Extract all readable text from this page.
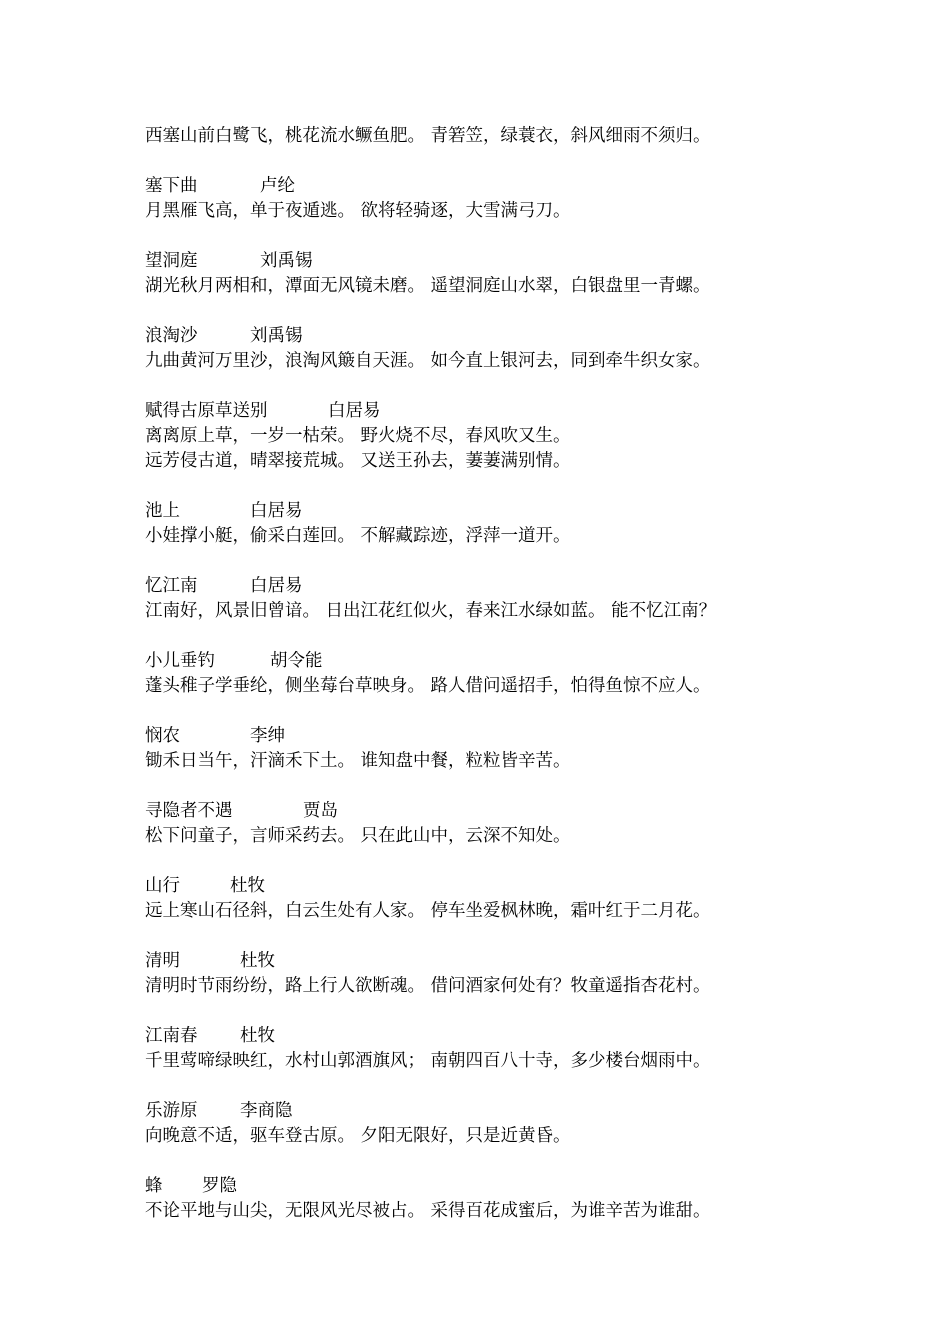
西塞山前白鹭飞，桃花流水鳜鱼肥。 青箬笠，绿蓑衣，斜风细雨不须归。
塞下曲	卢纶
月黑雁飞高，单于夜遁逃。 欲将轻骑逐，大雪满弓刀。
望洞庭	刘禹锡
湖光秋月两相和，潭面无风镜未磨。 遥望洞庭山水翠，白银盘里一青螺。
浪淘沙	刘禹锡
九曲黄河万里沙，浪淘风簸自天涯。 如今直上银河去，同到牵牛织女家。
赋得古原草送别	白居易
离离原上草，一岁一枯荣。 野火烧不尽，春风吹又生。
远芳侵古道，晴翠接荒城。 又送王孙去，萋萋满别情。
池上	白居易
小娃撑小艇，偷采白莲回。 不解藏踪迹，浮萍一道开。
忆江南	白居易
江南好，风景旧曾谙。 日出江花红似火，春来江水绿如蓝。 能不忆江南？
小儿垂钓	胡令能
蓬头稚子学垂纶，侧坐莓台草映身。 路人借问遥招手，怕得鱼惊不应人。
悯农	李绅
锄禾日当午，汗滴禾下土。 谁知盘中餐，粒粒皆辛苦。
寻隐者不遇	贾岛
松下问童子，言师采药去。 只在此山中，云深不知处。
山行	杜牧
远上寒山石径斜，白云生处有人家。 停车坐爱枫林晚，霜叶红于二月花。
清明	杜牧
清明时节雨纷纷，路上行人欲断魂。 借问酒家何处有？牧童遥指杏花村。
江南春	杜牧
千里莺啼绿映红，水村山郭酒旗风； 南朝四百八十寺，多少楼台烟雨中。
乐游原	李商隐
向晚意不适，驱车登古原。 夕阳无限好，只是近黄昏。
蜂	罗隐
不论平地与山尖，无限风光尽被占。 采得百花成蜜后，为谁辛苦为谁甜。
